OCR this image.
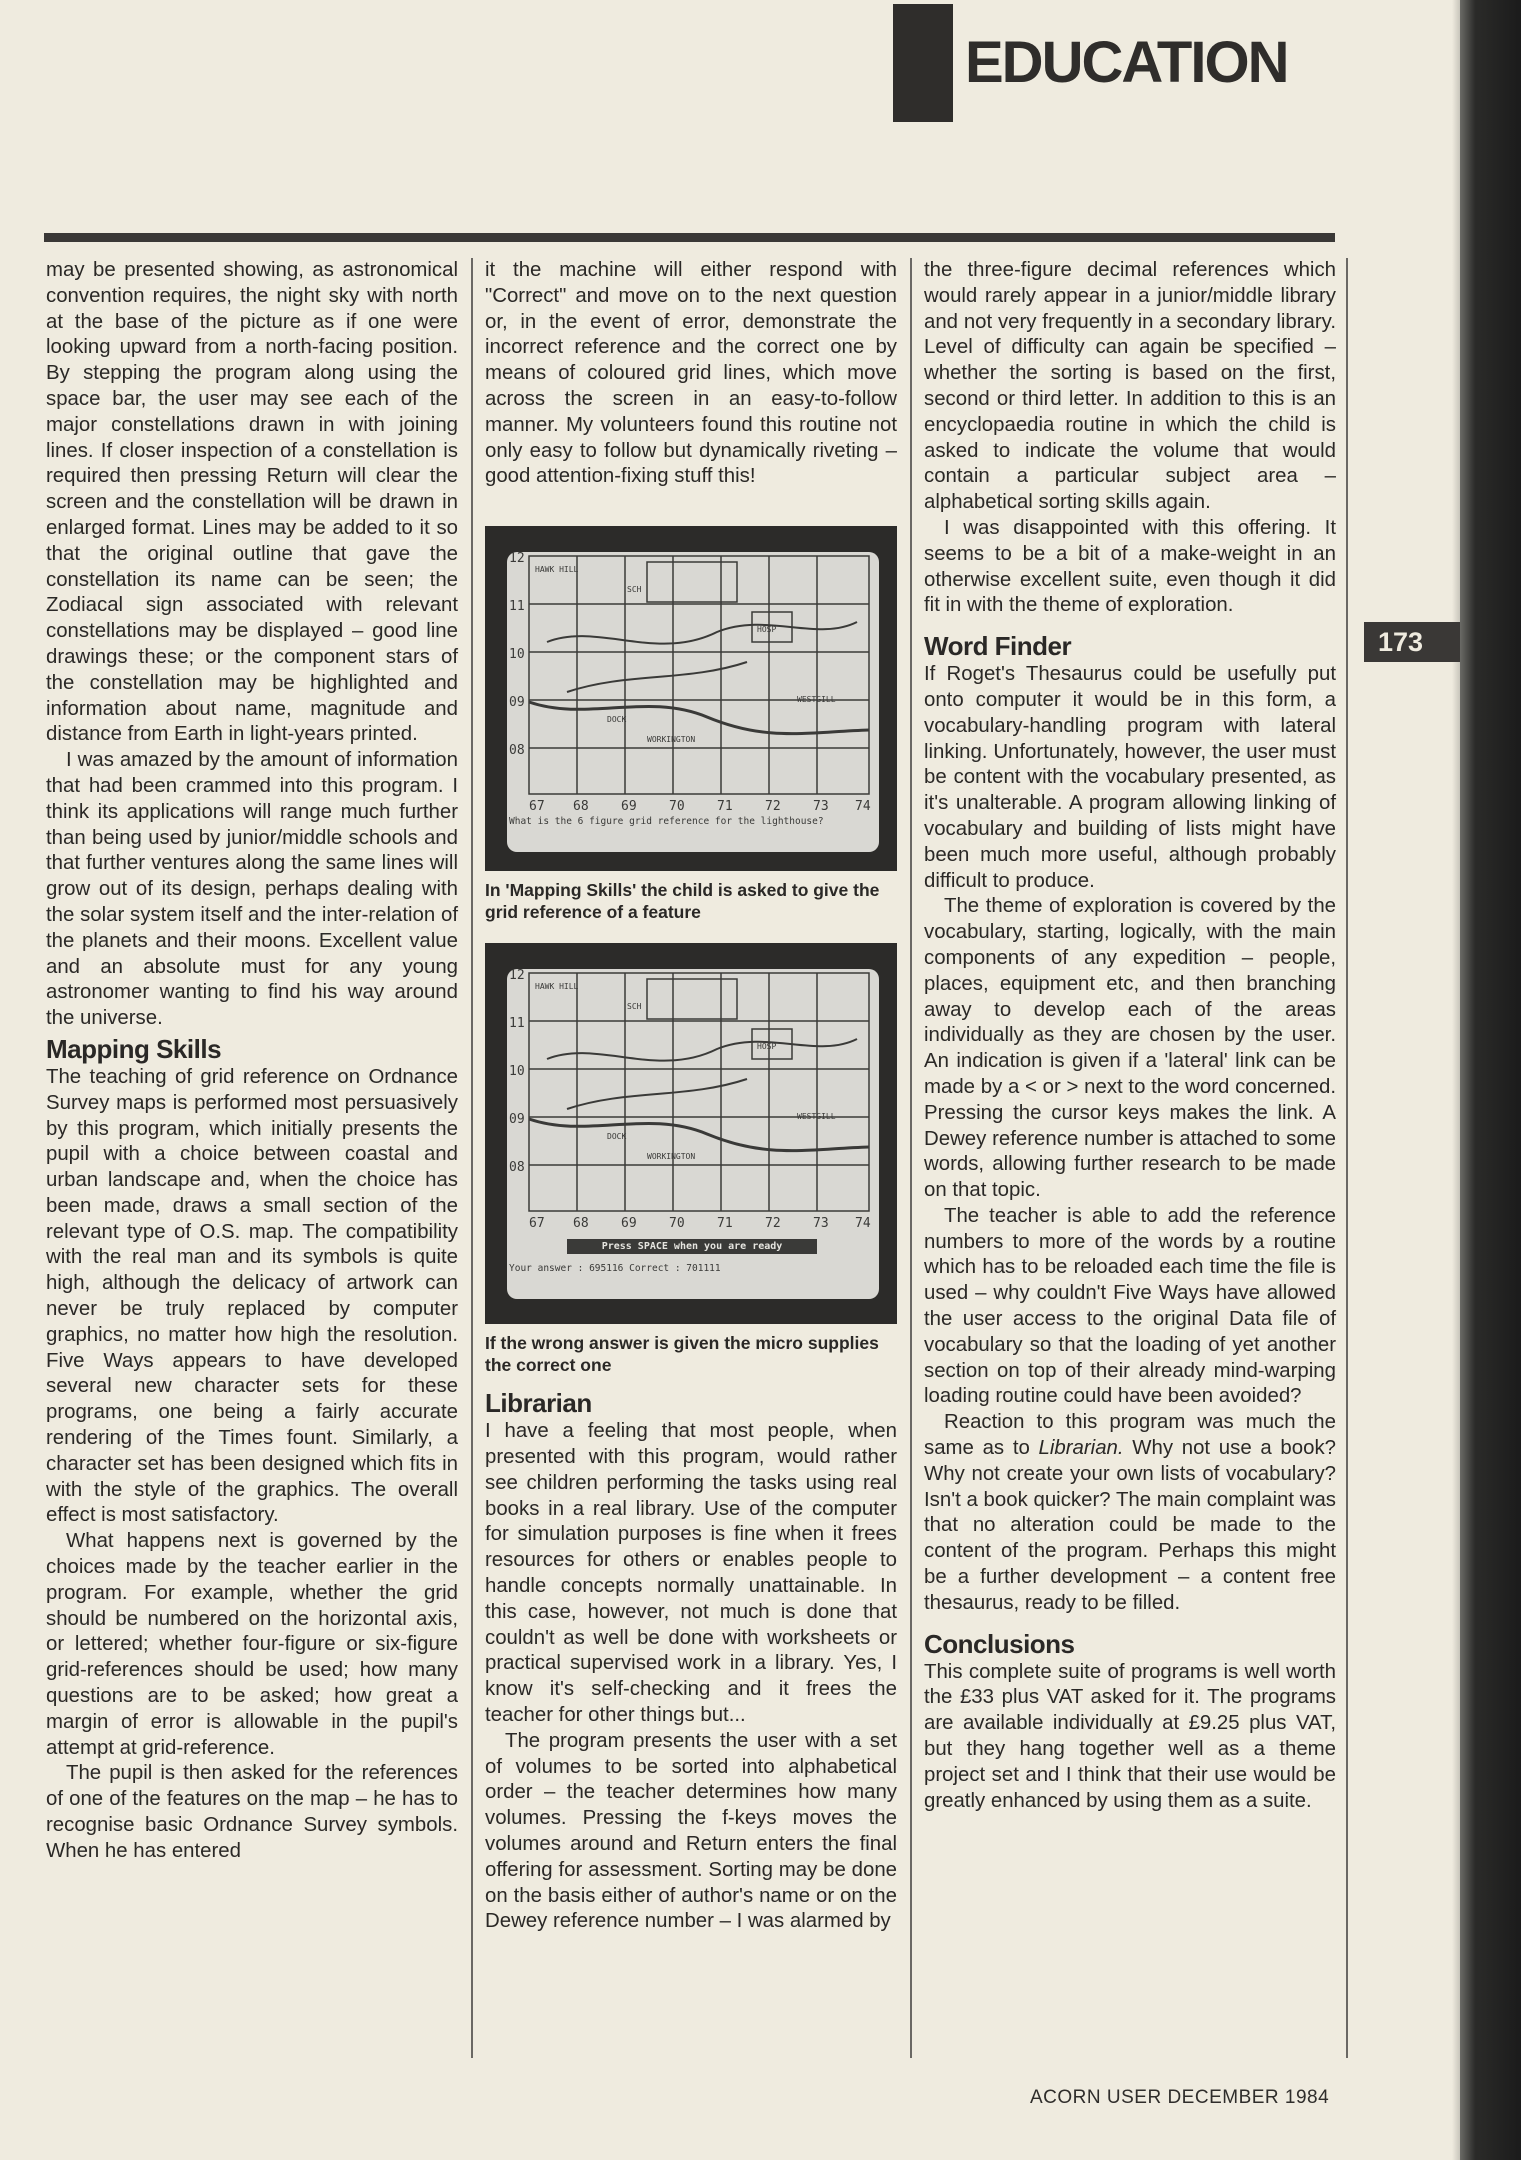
EDUCATION

may be presented showing, as astronomical convention requires, the night sky with north at the base of the picture as if one were looking upward from a north-facing position. By stepping the program along using the space bar, the user may see each of the major constellations drawn in with joining lines. If closer inspection of a constellation is required then pressing Return will clear the screen and the constellation will be drawn in enlarged format. Lines may be added to it so that the original outline that gave the constellation its name can be seen; the Zodiacal sign associated with relevant constellations may be displayed – good line drawings these; or the component stars of the constellation may be highlighted and information about name, magnitude and distance from Earth in light-years printed.

I was amazed by the amount of information that had been crammed into this program. I think its applications will range much further than being used by junior/middle schools and that further ventures along the same lines will grow out of its design, perhaps dealing with the solar system itself and the inter-relation of the planets and their moons. Excellent value and an absolute must for any young astronomer wanting to find his way around the universe.

Mapping Skills

The teaching of grid reference on Ordnance Survey maps is performed most persuasively by this program, which initially presents the pupil with a choice between coastal and urban landscape and, when the choice has been made, draws a small section of the relevant type of O.S. map. The compatibility with the real man and its symbols is quite high, although the delicacy of artwork can never be truly replaced by computer graphics, no matter how high the resolution. Five Ways appears to have developed several new character sets for these programs, one being a fairly accurate rendering of the Times fount. Similarly, a character set has been designed which fits in with the style of the graphics. The overall effect is most satisfactory.

What happens next is governed by the choices made by the teacher earlier in the program. For example, whether the grid should be numbered on the horizontal axis, or lettered; whether four-figure or six-figure grid-references should be used; how many questions are to be asked; how great a margin of error is allowable in the pupil's attempt at grid-reference.

The pupil is then asked for the references of one of the features on the map – he has to recognise basic Ordnance Survey symbols. When he has entered

it the machine will either respond with "Correct" and move on to the next question or, in the event of error, demonstrate the incorrect reference and the correct one by means of coloured grid lines, which move across the screen in an easy-to-follow manner. My volunteers found this routine not only easy to follow but dynamically riveting – good attention-fixing stuff this!

12
11
10
09
08
67 68 69 70 71 72 73 74
HAWK HILL
WORKINGTON
WESTGILL
DOCK
HOSP
SCH
What is the 6 figure grid reference for the lighthouse?
In 'Mapping Skills' the child is asked to give the grid reference of a feature
12
11
10
09
08
67 68 69 70 71 72 73 74
HAWK HILL
WORKINGTON
WESTGILL
DOCK
HOSP
SCH
Press SPACE when you are ready
Your answer : 695116 Correct : 701111
If the wrong answer is given the micro supplies the correct one
Librarian

I have a feeling that most people, when presented with this program, would rather see children performing the tasks using real books in a real library. Use of the computer for simulation purposes is fine when it frees resources for others or enables people to handle concepts normally unattainable. In this case, however, not much is done that couldn't as well be done with worksheets or practical supervised work in a library. Yes, I know it's self-checking and it frees the teacher for other things but...

The program presents the user with a set of volumes to be sorted into alphabetical order – the teacher determines how many volumes. Pressing the f-keys moves the volumes around and Return enters the final offering for assessment. Sorting may be done on the basis either of author's name or on the Dewey reference number – I was alarmed by

the three-figure decimal references which would rarely appear in a junior/middle library and not very frequently in a secondary library. Level of difficulty can again be specified – whether the sorting is based on the first, second or third letter. In addition to this is an encyclopaedia routine in which the child is asked to indicate the volume that would contain a particular subject area – alphabetical sorting skills again.

I was disappointed with this offering. It seems to be a bit of a make-weight in an otherwise excellent suite, even though it did fit in with the theme of exploration.

Word Finder

If Roget's Thesaurus could be usefully put onto computer it would be in this form, a vocabulary-handling program with lateral linking. Unfortunately, however, the user must be content with the vocabulary presented, as it's unalterable. A program allowing linking of vocabulary and building of lists might have been much more useful, although probably difficult to produce.

The theme of exploration is covered by the vocabulary, starting, logically, with the main components of any expedition – people, places, equipment etc, and then branching away to develop each of the areas individually as they are chosen by the user. An indication is given if a 'lateral' link can be made by a < or > next to the word concerned. Pressing the cursor keys makes the link. A Dewey reference number is attached to some words, allowing further research to be made on that topic.

The teacher is able to add the reference numbers to more of the words by a routine which has to be reloaded each time the file is used – why couldn't Five Ways have allowed the user access to the original Data file of vocabulary so that the loading of yet another section on top of their already mind-warping loading routine could have been avoided?

Reaction to this program was much the same as to Librarian. Why not use a book? Why not create your own lists of vocabulary? Isn't a book quicker? The main complaint was that no alteration could be made to the content of the program. Perhaps this might be a further development – a content free thesaurus, ready to be filled.

Conclusions

This complete suite of programs is well worth the £33 plus VAT asked for it. The programs are available individually at £9.25 plus VAT, but they hang together well as a theme project set and I think that their use would be greatly enhanced by using them as a suite.

ACORN USER DECEMBER 1984
173
